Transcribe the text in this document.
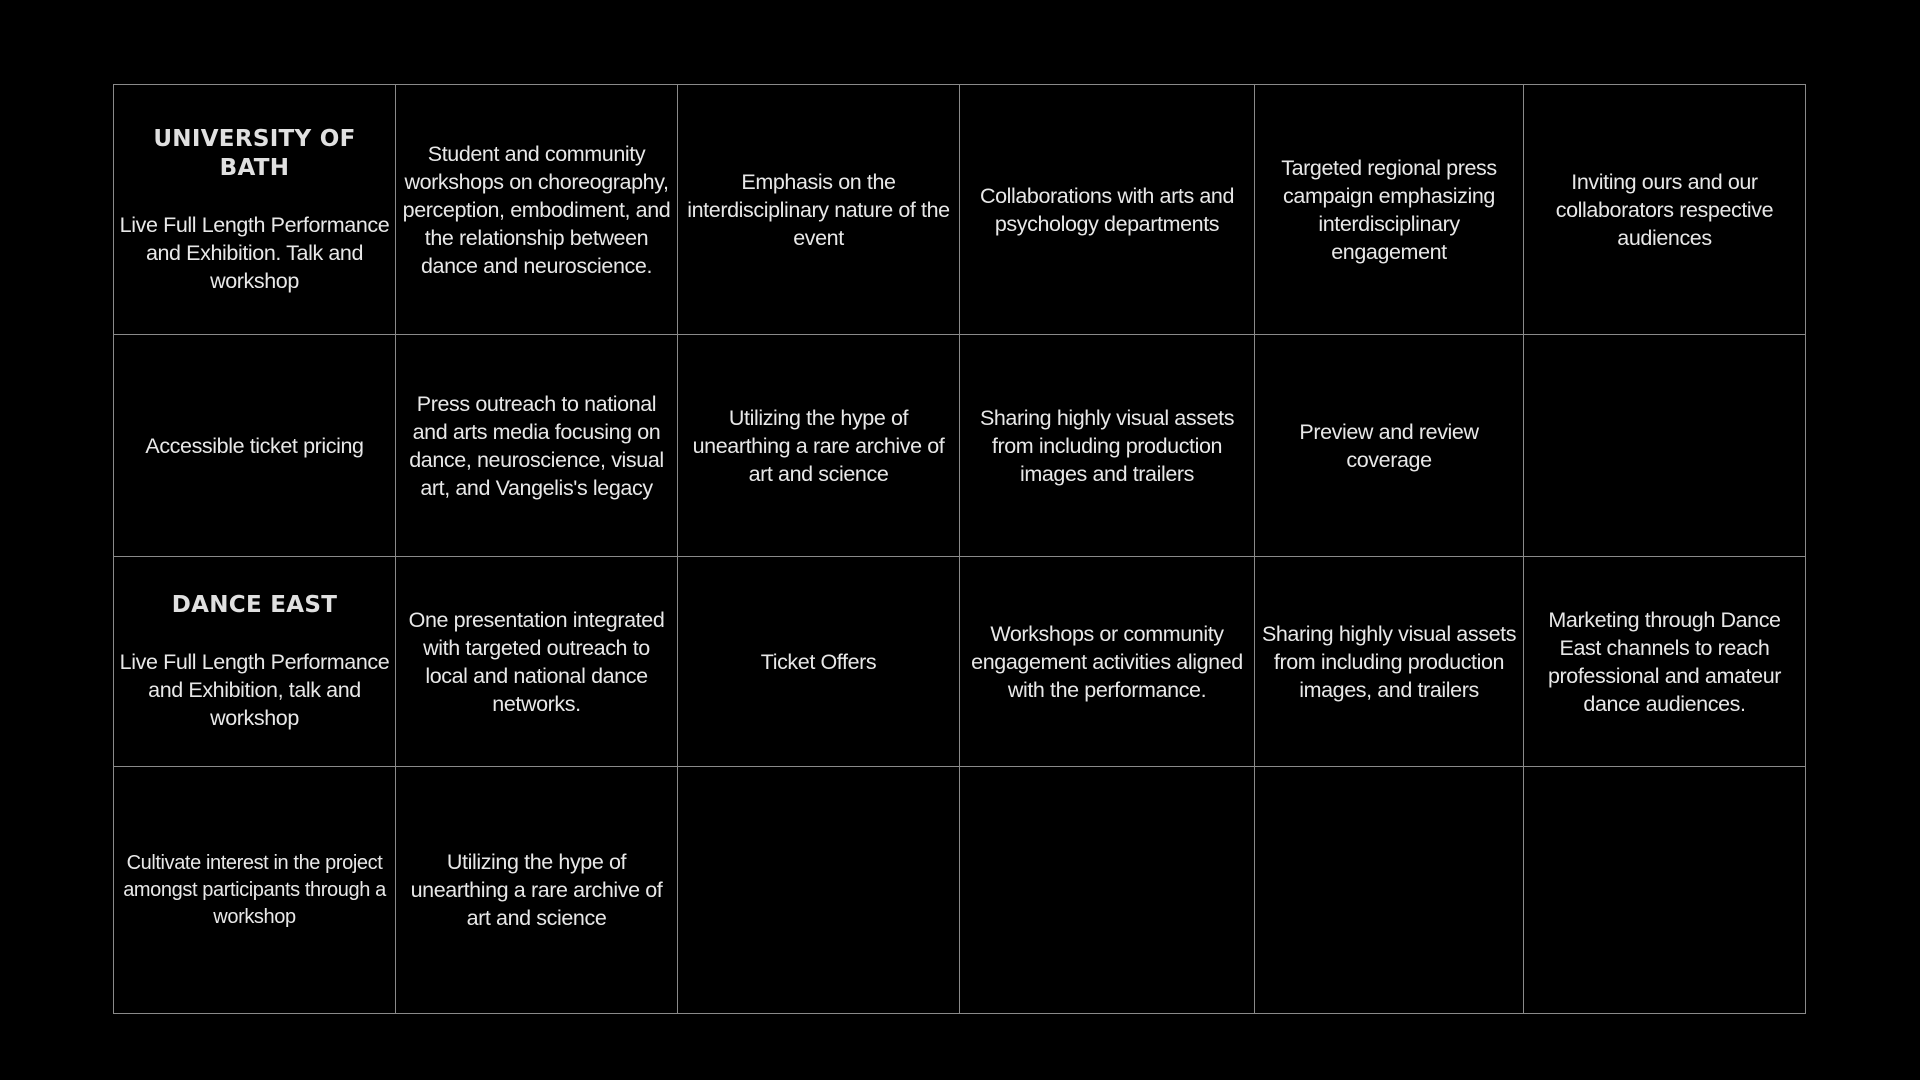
UNIVERSITY OF BATH
Live Full Length Performance and Exhibition. Talk and workshop	Student and community workshops on choreography, perception, embodiment, and the relationship between dance and neuroscience.	Emphasis on the interdisciplinary nature of the event	Collaborations with arts and psychology departments	Targeted regional press campaign emphasizing interdisciplinary engagement	Inviting ours and our collaborators respective audiences
Accessible ticket pricing	Press outreach to national and arts media focusing on dance, neuroscience, visual art, and Vangelis's legacy	Utilizing the hype of unearthing a rare archive of art and science	Sharing highly visual assets from including production images and trailers	Preview and review coverage	

DANCE EAST
Live Full Length Performance and Exhibition, talk and workshop	One presentation integrated with targeted outreach to local and national dance networks.	Ticket Offers	Workshops or community engagement activities aligned with the performance.	Sharing highly visual assets from including production images, and trailers	Marketing through Dance East channels to reach professional and amateur dance audiences.
Cultivate interest in the project amongst participants through a workshop	Utilizing the hype of unearthing a rare archive of art and science				
